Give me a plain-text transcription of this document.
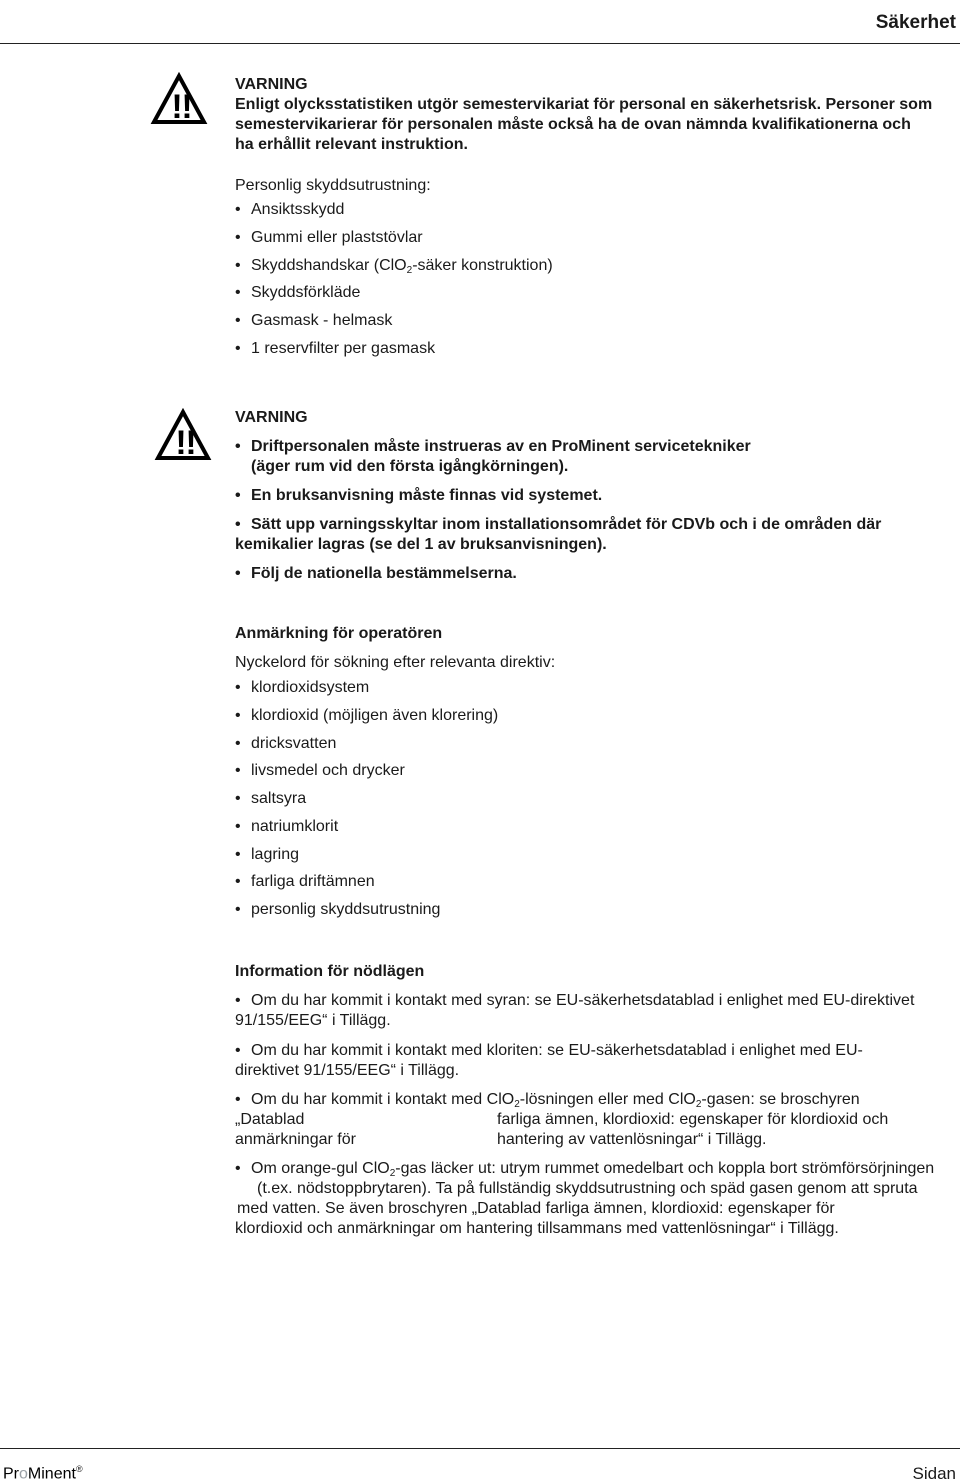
Säkerhet
!
!
VARNING
Enligt olycksstatistiken utgör semestervikariat för personal en säkerhetsrisk. Personer som
semestervikarierar för personalen måste också ha de ovan nämnda kvalifikationerna och
ha erhållit relevant instruktion.
Personlig skyddsutrustning:
• Ansiktsskydd
• Gummi eller plaststövlar
• Skyddshandskar (ClO$_2$-säker konstruktion)
• Skyddsförkläde
• Gasmask - helmask
• 1 reservfilter per gasmask
!
!
VARNING
• Driftpersonalen måste instrueras av en ProMinent servicetekniker
(äger rum vid den första igångkörningen).
• En bruksanvisning måste finnas vid systemet.
• Sätt upp varningsskyltar inom installationsområdet för CDVb och i de områden där
kemikalier lagras (se del 1 av bruksanvisningen).
• Följ de nationella bestämmelserna.
Anmärkning för operatören
Nyckelord för sökning efter relevanta direktiv:
• klordioxidsystem
• klordioxid (möjligen även klorering)
• dricksvatten
• livsmedel och drycker
• saltsyra
• natriumklorit
• lagring
• farliga driftämnen
• personlig skyddsutrustning
Information för nödlägen
• Om du har kommit i kontakt med syran: se EU-säkerhetsdatablad i enlighet med EU-direktivet
91/155/EEG“ i Tillägg.
• Om du har kommit i kontakt med kloriten: se EU-säkerhetsdatablad i enlighet med EU-
direktivet 91/155/EEG“ i Tillägg.
• Om du har kommit i kontakt med ClO$_2$-lösningen eller med ClO$_2$-gasen: se broschyren
„Datablad	farliga ämnen, klordioxid: egenskaper för klordioxid och
anmärkningar för	hantering av vattenlösningar“ i Tillägg.
• Om orange-gul ClO$_2$-gas läcker ut: utrym rummet omedelbart och koppla bort strömförsörjningen
(t.ex. nödstoppbrytaren). Ta på fullständig skyddsutrustning och späd gasen genom att spruta
med vatten. Se även broschyren „Datablad farliga ämnen, klordioxid: egenskaper för
klordioxid och anmärkningar om hantering tillsammans med vattenlösningar“ i Tillägg.
ProMinent®	Sidan
